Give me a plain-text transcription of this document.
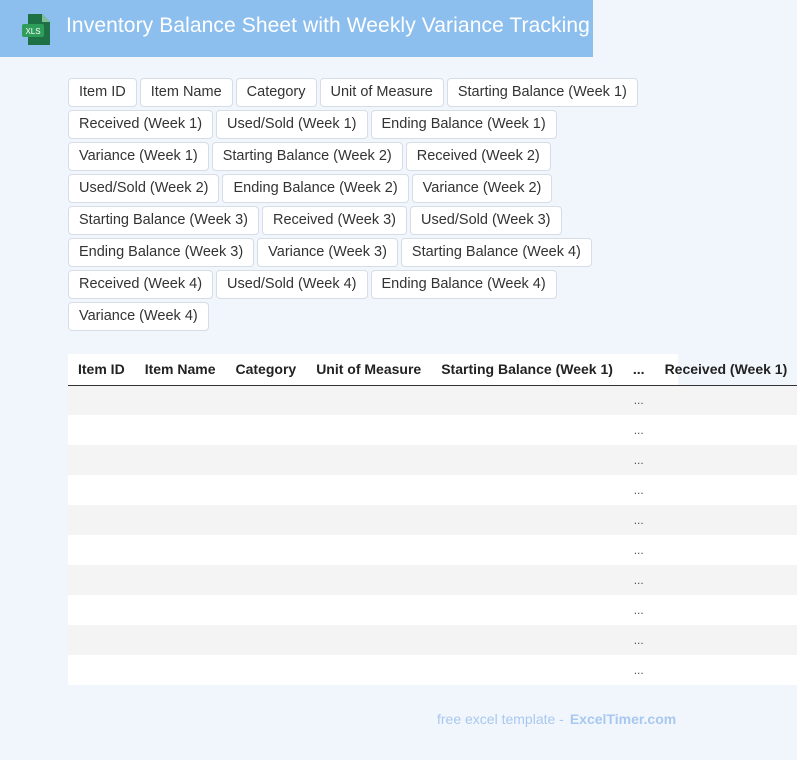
XLS Inventory Balance Sheet with Weekly Variance Tracking
Item ID	Item Name	Category	Unit of Measure	Starting Balance (Week 1)
Received (Week 1)	Used/Sold (Week 1)	Ending Balance (Week 1)
Variance (Week 1)	Starting Balance (Week 2)	Received (Week 2)
Used/Sold (Week 2)	Ending Balance (Week 2)	Variance (Week 2)
Starting Balance (Week 3)	Received (Week 3)	Used/Sold (Week 3)
Ending Balance (Week 3)	Variance (Week 3)	Starting Balance (Week 4)
Received (Week 4)	Used/Sold (Week 4)	Ending Balance (Week 4)
Variance (Week 4)
Item ID	Item Name	Category	Unit of Measure	Starting Balance (Week 1)	...	Received (Week 1)
					...	
					...	
					...	
					...	
					...	
					...	
					...	
					...	
					...	
					...	
free excel template - ExcelTimer.com
